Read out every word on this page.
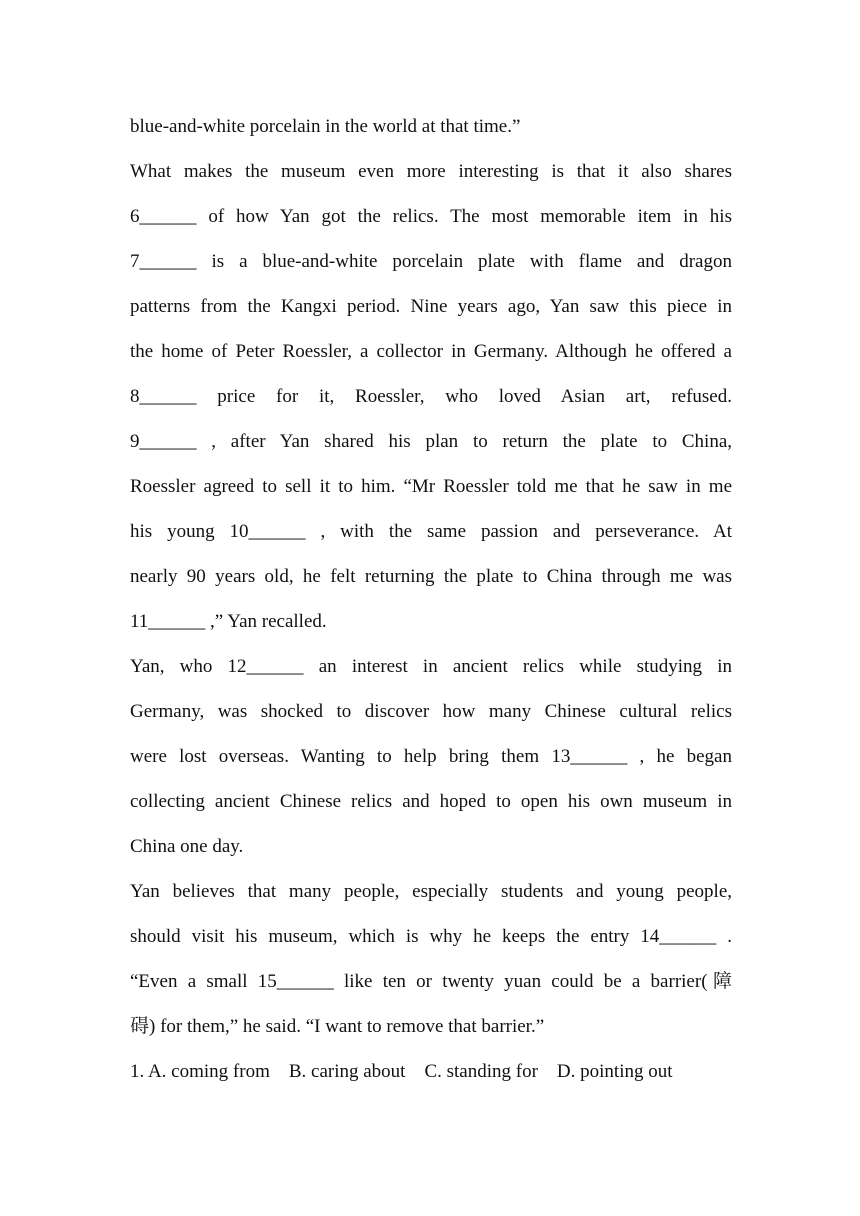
blue-and-white porcelain in the world at that time.”
What makes the museum even more interesting is that it also shares
6______ of how Yan got the relics. The most memorable item in his
7______ is a blue-and-white porcelain plate with flame and dragon
patterns from the Kangxi period. Nine years ago, Yan saw this piece in
the home of Peter Roessler, a collector in Germany. Although he offered a
8______ price for it, Roessler, who loved Asian art, refused.
9______ , after Yan shared his plan to return the plate to China,
Roessler agreed to sell it to him. “Mr Roessler told me that he saw in me
his young 10______ , with the same passion and perseverance. At
nearly 90 years old, he felt returning the plate to China through me was
11______ ,” Yan recalled.
Yan, who 12______ an interest in ancient relics while studying in
Germany, was shocked to discover how many Chinese cultural relics
were lost overseas. Wanting to help bring them 13______ , he began
collecting ancient Chinese relics and hoped to open his own museum in
China one day.
Yan believes that many people, especially students and young people,
should visit his museum, which is why he keeps the entry 14______ .
“Even a small 15______ like ten or twenty yuan could be a barrier(障
碍) for them,” he said. “I want to remove that barrier.”
1. A. coming from    B. caring about    C. standing for    D. pointing out
